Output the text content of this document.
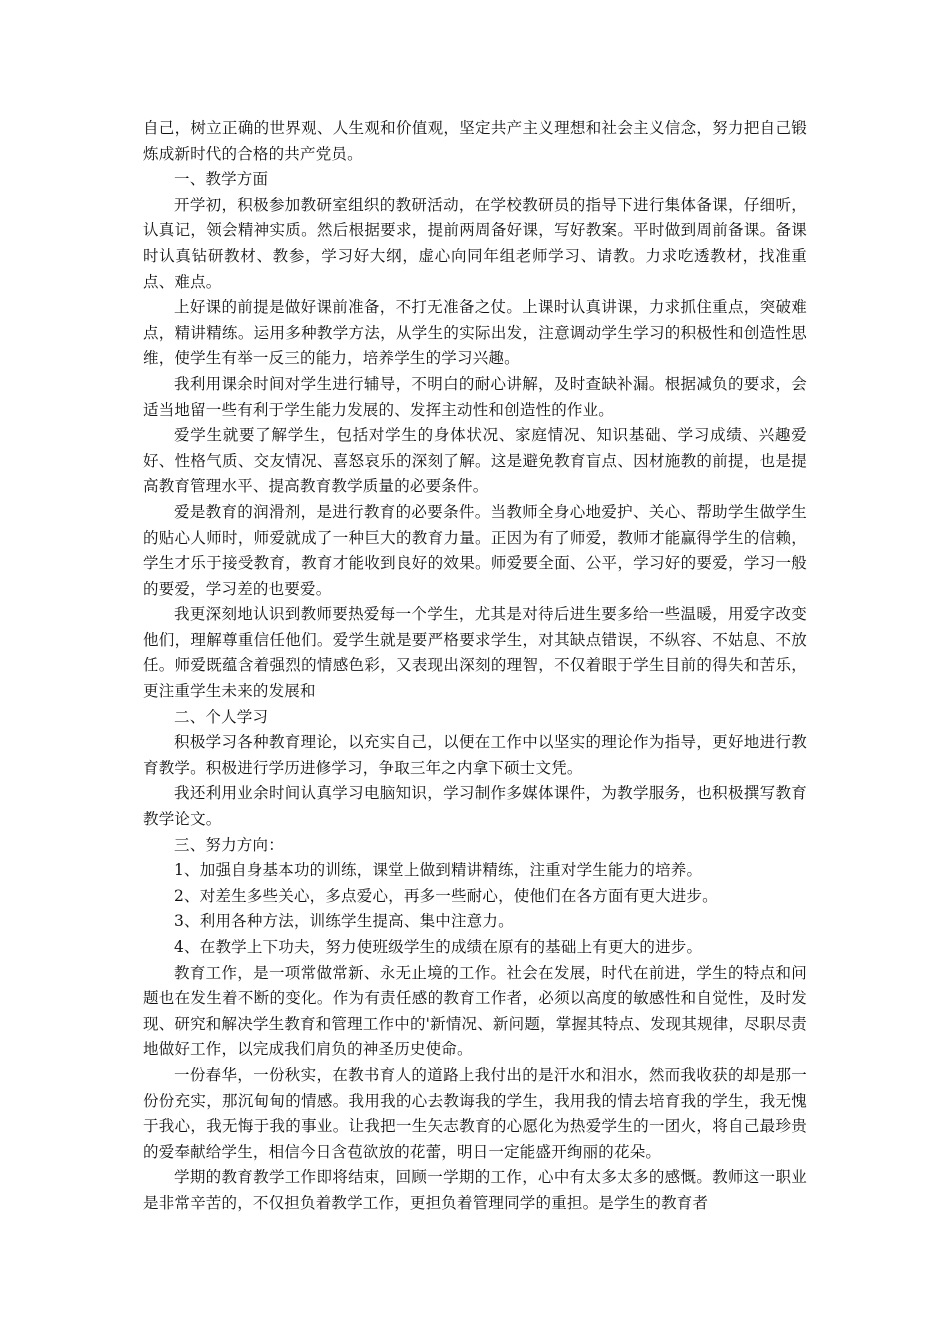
自己，树立正确的世界观、人生观和价值观，坚定共产主义理想和社会主义信念，努力把自己锻炼成新时代的合格的共产党员。

一、教学方面

开学初，积极参加教研室组织的教研活动，在学校教研员的指导下进行集体备课，仔细听，认真记，领会精神实质。然后根据要求，提前两周备好课，写好教案。平时做到周前备课。备课时认真钻研教材、教参，学习好大纲，虚心向同年组老师学习、请教。力求吃透教材，找准重点、难点。

上好课的前提是做好课前准备，不打无准备之仗。上课时认真讲课，力求抓住重点，突破难点，精讲精练。运用多种教学方法，从学生的实际出发，注意调动学生学习的积极性和创造性思维，使学生有举一反三的能力，培养学生的学习兴趣。

我利用课余时间对学生进行辅导，不明白的耐心讲解，及时查缺补漏。根据减负的要求，会适当地留一些有利于学生能力发展的、发挥主动性和创造性的作业。

爱学生就要了解学生，包括对学生的身体状况、家庭情况、知识基础、学习成绩、兴趣爱好、性格气质、交友情况、喜怒哀乐的深刻了解。这是避免教育盲点、因材施教的前提，也是提高教育管理水平、提高教育教学质量的必要条件。

爱是教育的润滑剂，是进行教育的必要条件。当教师全身心地爱护、关心、帮助学生做学生的贴心人师时，师爱就成了一种巨大的教育力量。正因为有了师爱，教师才能赢得学生的信赖，学生才乐于接受教育，教育才能收到良好的效果。师爱要全面、公平，学习好的要爱，学习一般的要爱，学习差的也要爱。

我更深刻地认识到教师要热爱每一个学生，尤其是对待后进生要多给一些温暖，用爱字改变他们，理解尊重信任他们。爱学生就是要严格要求学生，对其缺点错误，不纵容、不姑息、不放任。师爱既蕴含着强烈的情感色彩，又表现出深刻的理智，不仅着眼于学生目前的得失和苦乐，更注重学生未来的发展和

二、个人学习

积极学习各种教育理论，以充实自己，以便在工作中以坚实的理论作为指导，更好地进行教育教学。积极进行学历进修学习，争取三年之内拿下硕士文凭。

我还利用业余时间认真学习电脑知识，学习制作多媒体课件，为教学服务，也积极撰写教育教学论文。

三、努力方向：

1、加强自身基本功的训练，课堂上做到精讲精练，注重对学生能力的培养。

2、对差生多些关心，多点爱心，再多一些耐心，使他们在各方面有更大进步。

3、利用各种方法，训练学生提高、集中注意力。

4、在教学上下功夫，努力使班级学生的成绩在原有的基础上有更大的进步。

教育工作，是一项常做常新、永无止境的工作。社会在发展，时代在前进，学生的特点和问题也在发生着不断的变化。作为有责任感的教育工作者，必须以高度的敏感性和自觉性，及时发现、研究和解决学生教育和管理工作中的'新情况、新问题，掌握其特点、发现其规律，尽职尽责地做好工作，以完成我们肩负的神圣历史使命。

一份春华，一份秋实，在教书育人的道路上我付出的是汗水和泪水，然而我收获的却是那一份份充实，那沉甸甸的情感。我用我的心去教诲我的学生，我用我的情去培育我的学生，我无愧于我心，我无悔于我的事业。让我把一生矢志教育的心愿化为热爱学生的一团火，将自己最珍贵的爱奉献给学生，相信今日含苞欲放的花蕾，明日一定能盛开绚丽的花朵。

学期的教育教学工作即将结束，回顾一学期的工作，心中有太多太多的感慨。教师这一职业是非常辛苦的，不仅担负着教学工作，更担负着管理同学的重担。是学生的教育者
